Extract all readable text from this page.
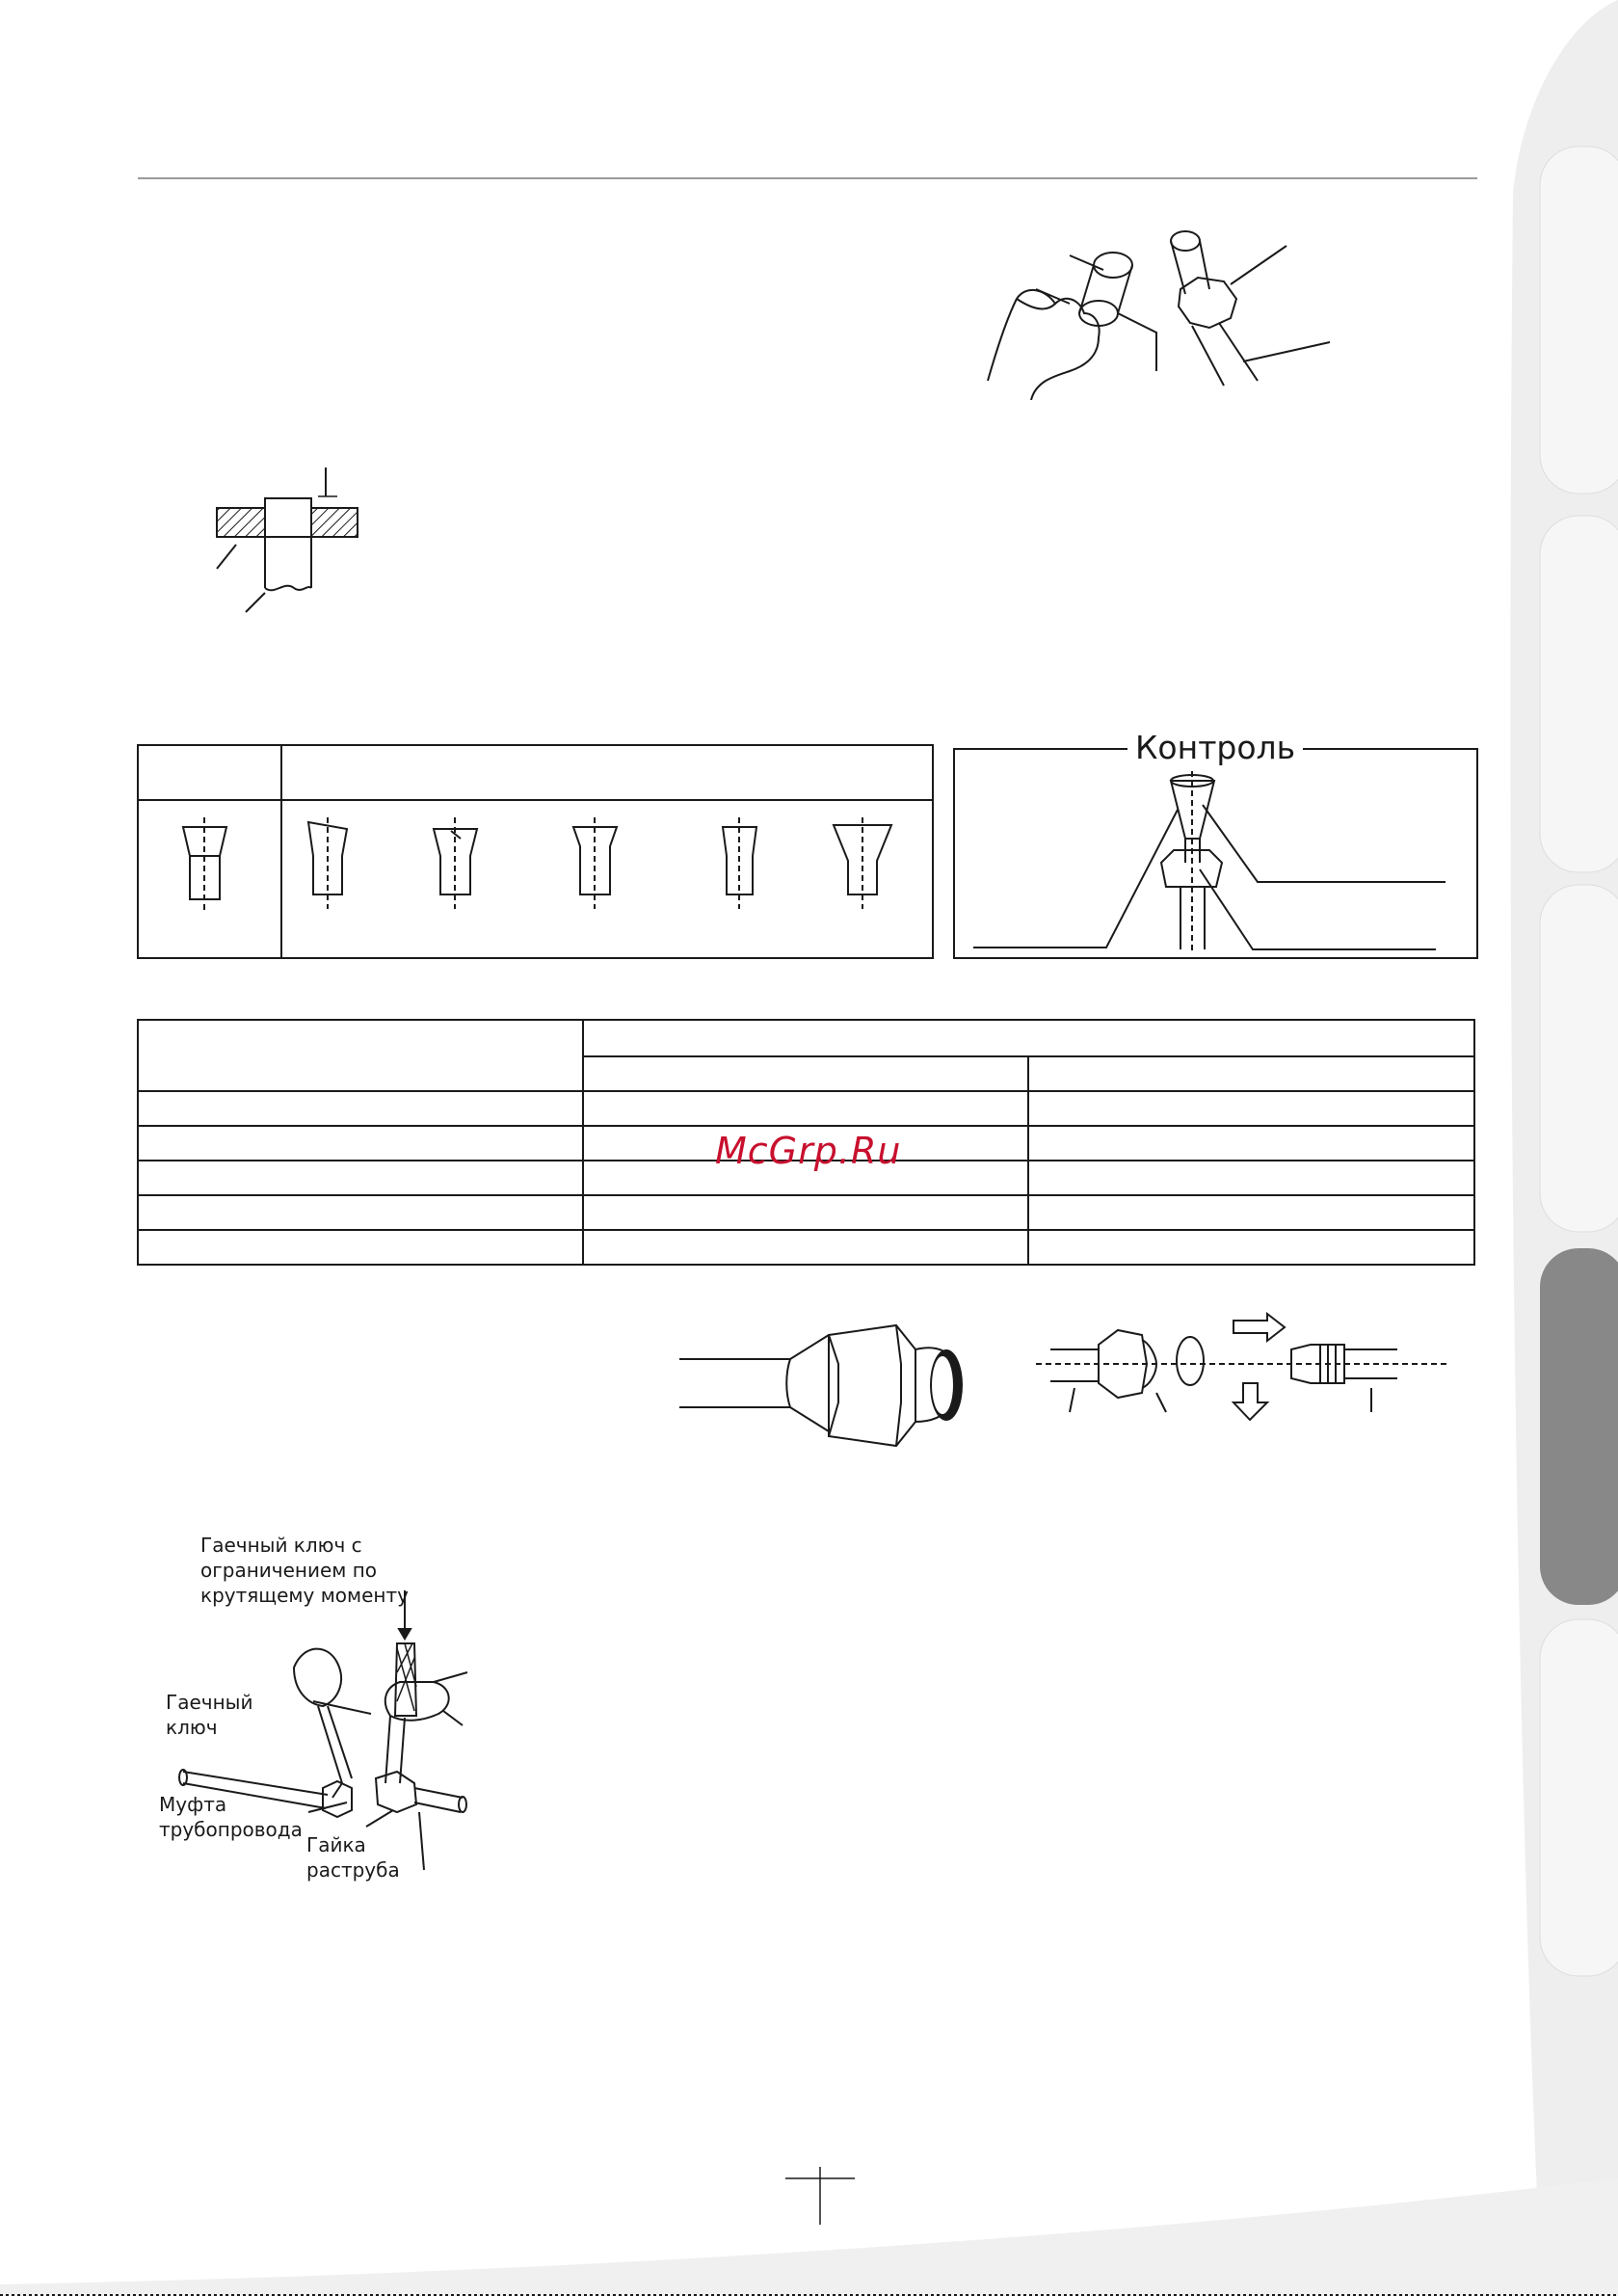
Контроль

McGrp.Ru
Гаечный ключ с
ограничением по
крутящему моменту
Гаечный
ключ
Муфта
трубопровода
Гайка
раструба
